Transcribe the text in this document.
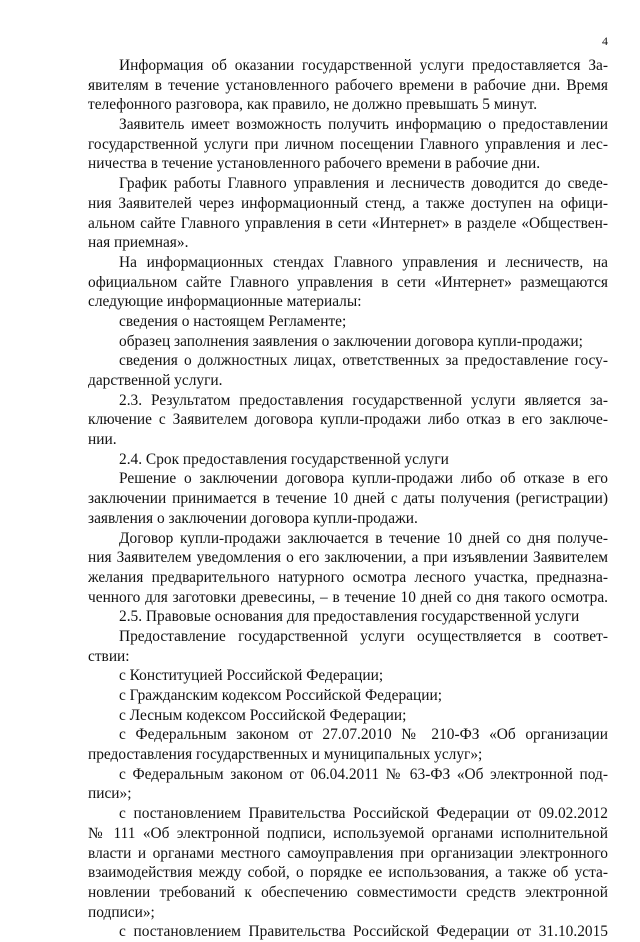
4
Информация об оказании государственной услуги предоставляется За-
явителям в течение установленного рабочего времени в рабочие дни. Время
телефонного разговора, как правило, не должно превышать 5 минут.
Заявитель имеет возможность получить информацию о предоставлении
государственной услуги при личном посещении Главного управления и лес-
ничества в течение установленного рабочего времени в рабочие дни.
График работы Главного управления и лесничеств доводится до сведе-
ния Заявителей через информационный стенд, а также доступен на офици-
альном сайте Главного управления в сети «Интернет» в разделе «Обществен-
ная приемная».
На информационных стендах Главного управления и лесничеств, на
официальном сайте Главного управления в сети «Интернет» размещаются
следующие информационные материалы:
сведения о настоящем Регламенте;
образец заполнения заявления о заключении договора купли-продажи;
сведения о должностных лицах, ответственных за предоставление госу-
дарственной услуги.
2.3. Результатом предоставления государственной услуги является за-
ключение с Заявителем договора купли-продажи либо отказ в его заключе-
нии.
2.4. Срок предоставления государственной услуги
Решение о заключении договора купли-продажи либо об отказе в его
заключении принимается в течение 10 дней с даты получения (регистрации)
заявления о заключении договора купли-продажи.
Договор купли-продажи заключается в течение 10 дней со дня получе-
ния Заявителем уведомления о его заключении, а при изъявлении Заявителем
желания предварительного натурного осмотра лесного участка, предназна-
ченного для заготовки древесины, – в течение 10 дней со дня такого осмотра.
2.5. Правовые основания для предоставления государственной услуги
Предоставление государственной услуги осуществляется в соответ-
ствии:
с Конституцией Российской Федерации;
с Гражданским кодексом Российской Федерации;
с Лесным кодексом Российской Федерации;
с Федеральным законом от 27.07.2010 № 210-ФЗ «Об организации
предоставления государственных и муниципальных услуг»;
с Федеральным законом от 06.04.2011 № 63-ФЗ «Об электронной под-
писи»;
с постановлением Правительства Российской Федерации от 09.02.2012
№ 111 «Об электронной подписи, используемой органами исполнительной
власти и органами местного самоуправления при организации электронного
взаимодействия между собой, о порядке ее использования, а также об уста-
новлении требований к обеспечению совместимости средств электронной
подписи»;
с постановлением Правительства Российской Федерации от 31.10.2015
